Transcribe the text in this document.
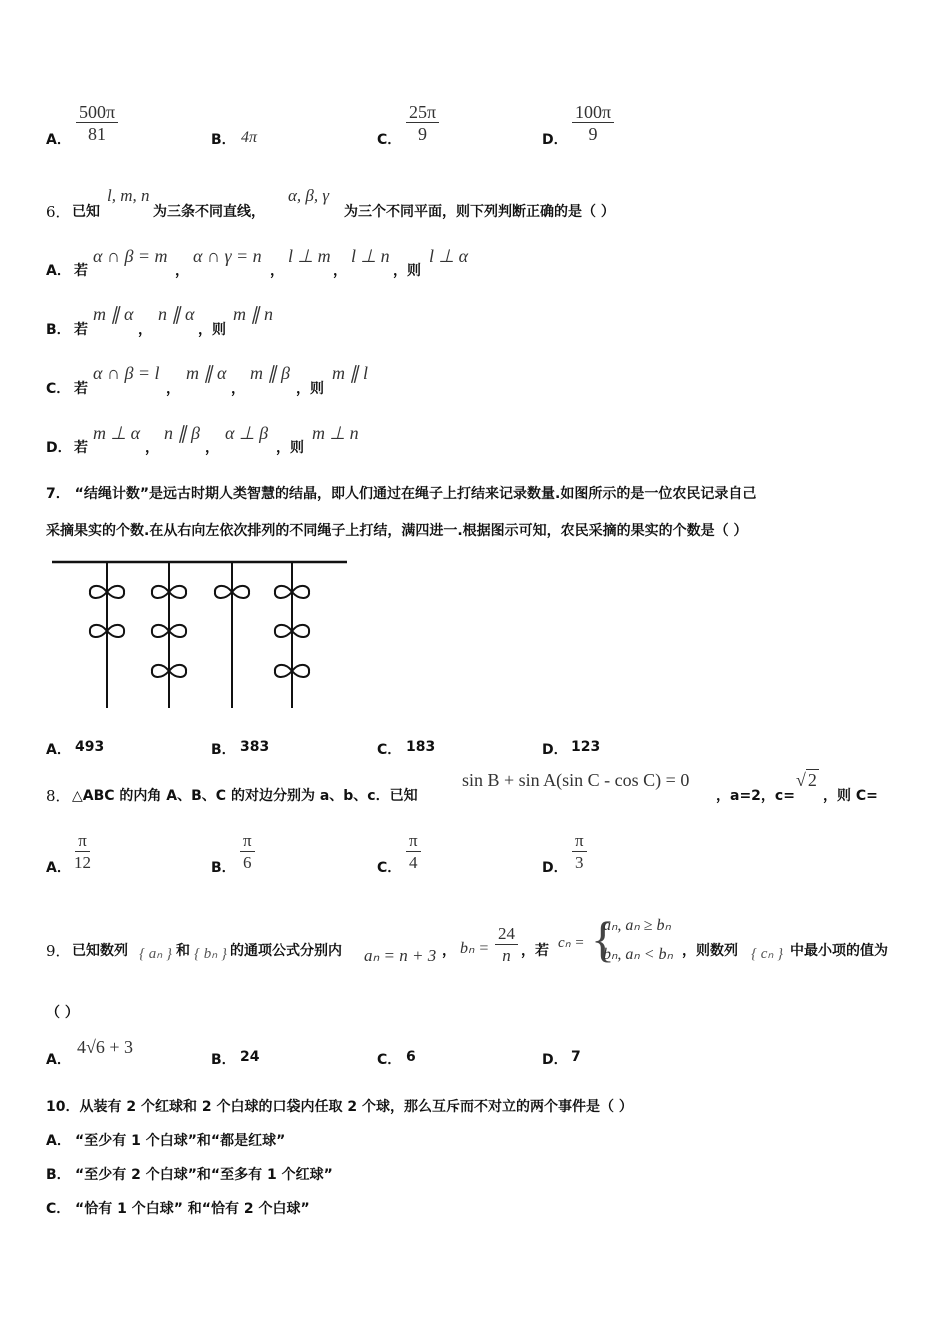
A． $\frac{500\pi}{81}$	B． 4π	C． $\frac{25\pi}{9}$	D． $\frac{100\pi}{9}$
6． 已知
l, m, n
为三条不同直线，
α, β, γ
为三个不同平面，则下列判断正确的是（ ）
A． 若
α ∩ β = m
，
α ∩ γ = n
，
l ⊥ m
，
l ⊥ n
，则
l ⊥ α
B． 若
m ∥ α
，
n ∥ α
，则
m ∥ n
C． 若
α ∩ β = l
，
m ∥ α
，
m ∥ β
，则
m ∥ l
D． 若
m ⊥ α
，
n ∥ β
，
α ⊥ β
，则
m ⊥ n
7． “结绳计数”是远古时期人类智慧的结晶，即人们通过在绳子上打结来记录数量.如图所示的是一位农民记录自己
采摘果实的个数.在从右向左依次排列的不同绳子上打结，满四进一.根据图示可知，农民采摘的果实的个数是（ ）
A． 493	B． 383	C． 183	D． 123
8． △ABC 的内角 A、B、C 的对边分别为 a、b、c．已知
sin B + sin A(sin C - cos C) = 0
，a=2，c=
√ 2
，则 C=
A． $\frac{\pi}{12}$	B． $\frac{\pi}{6}$	C． $\frac{\pi}{4}$	D． $\frac{\pi}{3}$
9． 已知数列 { aₙ } 和 { bₙ } 的通项公式分别内 aₙ = n + 3 ， $b_n = \frac{24}{n}$ ，若 cₙ = {
aₙ, aₙ ≥ bₙ
bₙ, aₙ < bₙ ，则数列 { cₙ } 中最小项的值为
（ ）
A．
4√6 + 3
B． 24	C． 6	D． 7
10．从装有 2 个红球和 2 个白球的口袋内任取 2 个球，那么互斥而不对立的两个事件是（ ）
A． “至少有 1 个白球”和“都是红球”
B． “至少有 2 个白球”和“至多有 1 个红球”
C． “恰有 1 个白球” 和“恰有 2 个白球”
